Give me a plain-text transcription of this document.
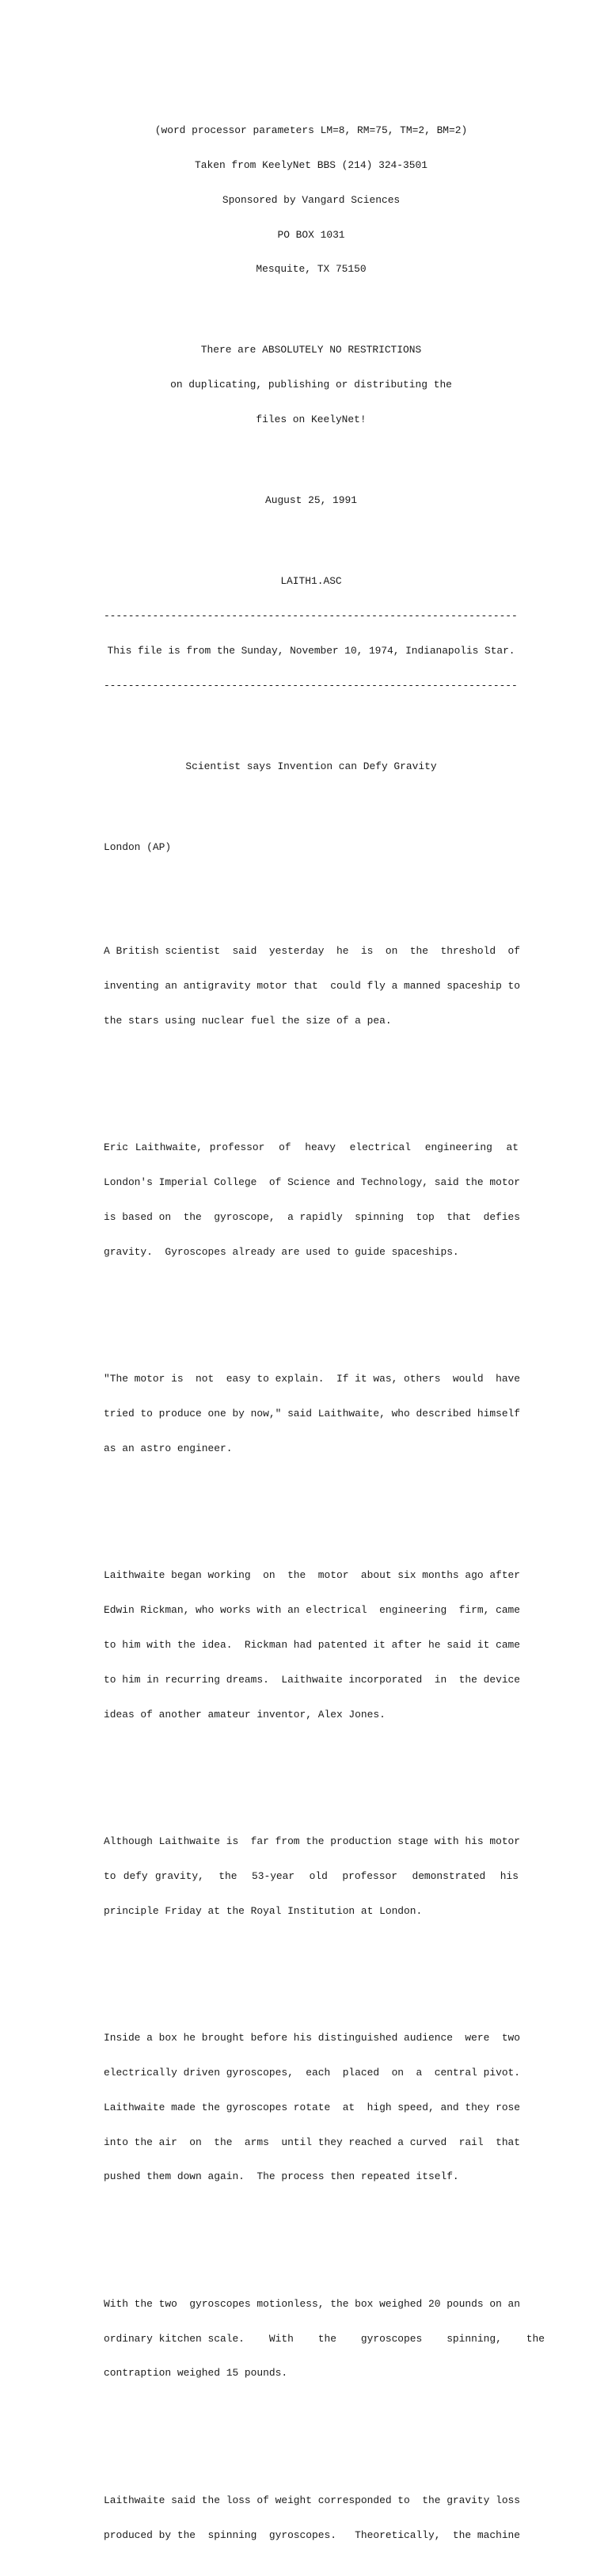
(word processor parameters LM=8, RM=75, TM=2, BM=2)

Taken from KeelyNet BBS (214) 324-3501

Sponsored by Vangard Sciences

PO BOX 1031

Mesquite, TX 75150

There are ABSOLUTELY NO RESTRICTIONS

on duplicating, publishing or distributing the

files on KeelyNet!

August 25, 1991

LAITH1.ASC

--------------------------------------------------------------------

This file is from the Sunday, November 10, 1974, Indianapolis Star.

--------------------------------------------------------------------

Scientist says Invention can Defy Gravity

London (AP)

A British scientist  said  yesterday  he  is  on  the  threshold  of

inventing an antigravity motor that  could fly a manned spaceship to

the stars using nuclear fuel the size of a pea.

Eric Laithwaite, professor  of  heavy  electrical  engineering  at

London's Imperial College  of Science and Technology, said the motor

is based on  the  gyroscope,  a rapidly  spinning  top  that  defies

gravity.  Gyroscopes already are used to guide spaceships.

"The motor is  not  easy to explain.  If it was, others  would  have

tried to produce one by now," said Laithwaite, who described himself

as an astro engineer.

Laithwaite began working  on  the  motor  about six months ago after

Edwin Rickman, who works with an electrical  engineering  firm, came

to him with the idea.  Rickman had patented it after he said it came

to him in recurring dreams.  Laithwaite incorporated  in  the device

ideas of another amateur inventor, Alex Jones.

Although Laithwaite is  far from the production stage with his motor

to defy gravity,  the  53-year  old  professor  demonstrated  his

principle Friday at the Royal Institution at London.

Inside a box he brought before his distinguished audience  were  two

electrically driven gyroscopes,  each  placed  on  a  central pivot.

Laithwaite made the gyroscopes rotate  at  high speed, and they rose

into the air  on  the  arms  until they reached a curved  rail  that

pushed them down again.  The process then repeated itself.

With the two  gyroscopes motionless, the box weighed 20 pounds on an

ordinary kitchen scale.    With    the    gyroscopes    spinning,    the

contraption weighed 15 pounds.

Laithwaite said the loss of weight corresponded to  the gravity loss

produced by the  spinning  gyroscopes.   Theoretically,  the machine
